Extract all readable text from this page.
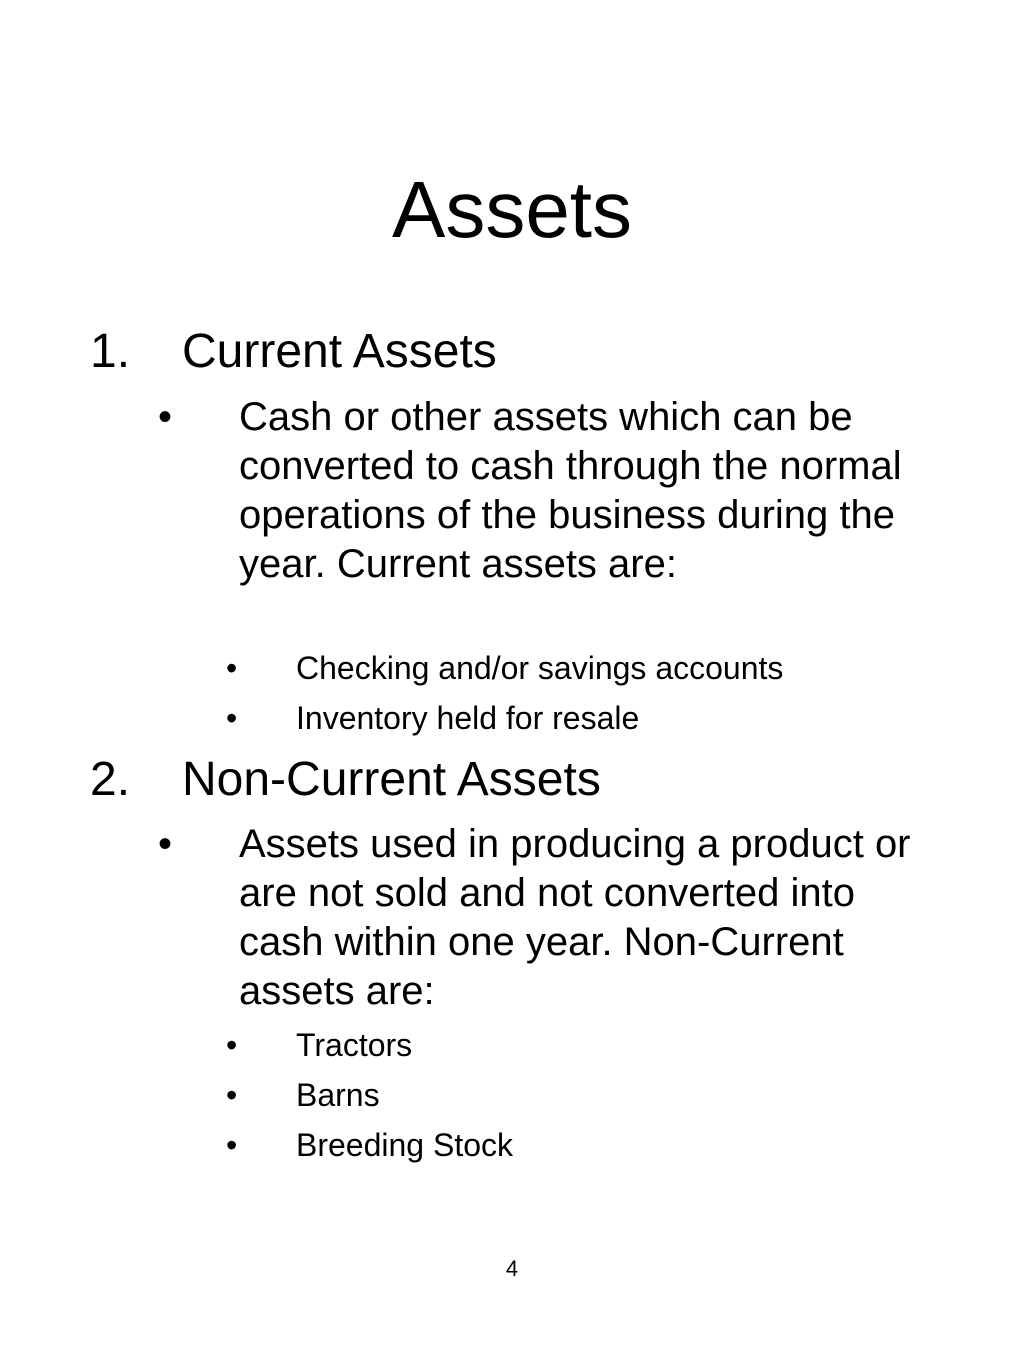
Assets
1. Current Assets
• Cash or other assets which can be converted to cash through the normal operations of the business during the year. Current assets are:
• Checking and/or savings accounts
• Inventory held for resale
2. Non-Current Assets
• Assets used in producing a product or are not sold and not converted into cash within one year. Non-Current assets are:
• Tractors
• Barns
• Breeding Stock
4
